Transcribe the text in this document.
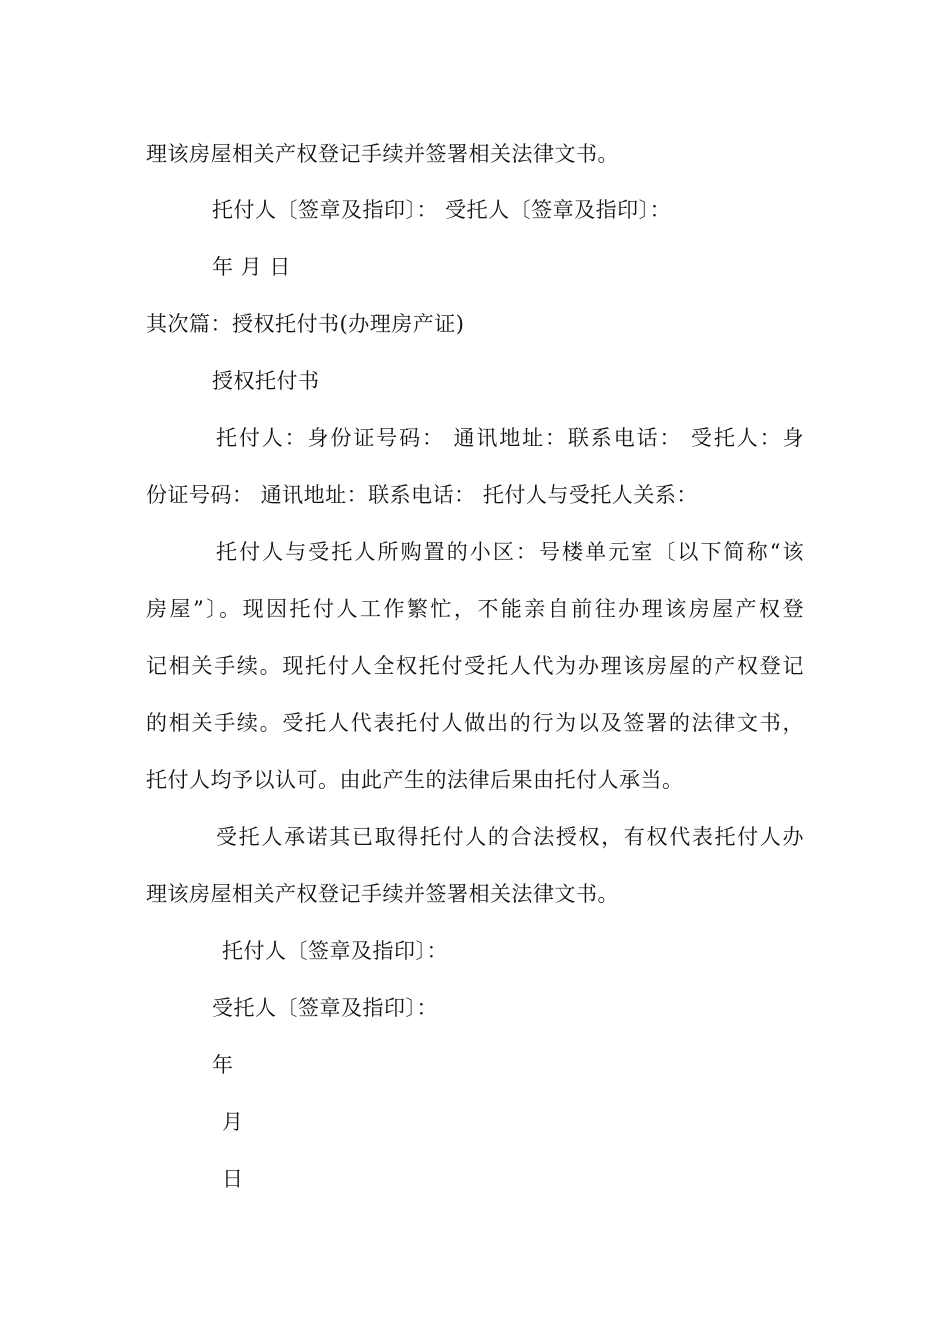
理该房屋相关产权登记手续并签署相关法律文书。
托付人〔签章及指印〕： 受托人〔签章及指印〕：
年 月 日
其次篇：授权托付书(办理房产证)
授权托付书
托付人：身份证号码： 通讯地址：联系电话： 受托人：身
份证号码： 通讯地址：联系电话： 托付人与受托人关系：
托付人与受托人所购置的小区：号楼单元室〔以下简称“该
房屋”〕。现因托付人工作繁忙，不能亲自前往办理该房屋产权登
记相关手续。现托付人全权托付受托人代为办理该房屋的产权登记
的相关手续。受托人代表托付人做出的行为以及签署的法律文书，
托付人均予以认可。由此产生的法律后果由托付人承当。
受托人承诺其已取得托付人的合法授权，有权代表托付人办
理该房屋相关产权登记手续并签署相关法律文书。
托付人〔签章及指印〕：
受托人〔签章及指印〕：
年
月
日
